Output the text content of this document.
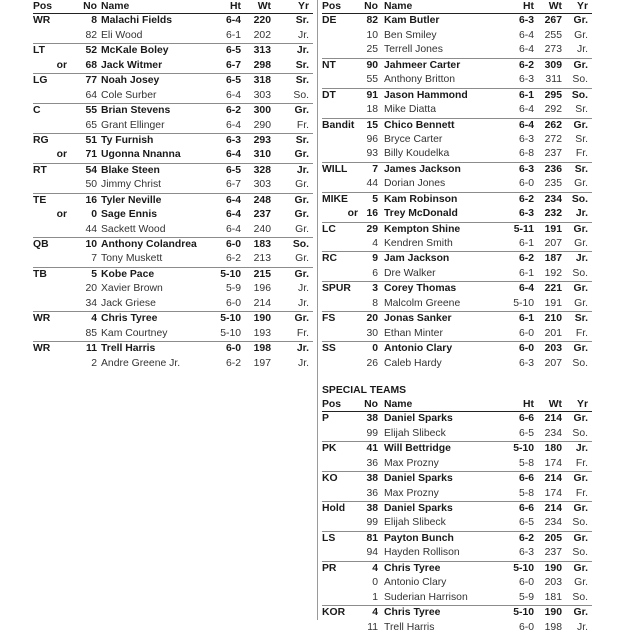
Pos	No Name	Ht	Wt	Yr
WR	8 Malachi Fields	6-4	220	Sr.
82 Eli Wood	6-1	202	Jr.
LT	52 McKale Boley	6-5	313	Jr.
or	68 Jack Witmer	6-7	298	Sr.
LG	77 Noah Josey	6-5	318	Sr.
64 Cole Surber	6-4	303	So.
C	55 Brian Stevens	6-2	300	Gr.
65 Grant Ellinger	6-4	290	Fr.
RG	51 Ty Furnish	6-3	293	Sr.
or	71 Ugonna Nnanna	6-4	310	Gr.
RT	54 Blake Steen	6-5	328	Jr.
50 Jimmy Christ	6-7	303	Gr.
TE	16 Tyler Neville	6-4	248	Gr.
or	0 Sage Ennis	6-4	237	Gr.
44 Sackett Wood	6-4	240	Gr.
QB	10 Anthony Colandrea	6-0	183	So.
7 Tony Muskett	6-2	213	Gr.
TB	5 Kobe Pace	5-10	215	Gr.
20 Xavier Brown	5-9	196	Jr.
34 Jack Griese	6-0	214	Jr.
WR	4 Chris Tyree	5-10	190	Gr.
85 Kam Courtney	5-10	193	Fr.
WR	11 Trell Harris	6-0	198	Jr.
2 Andre Greene Jr.	6-2	197	Jr.
Pos	No Name	Ht	Wt	Yr
DE	82 Kam Butler	6-3	267	Gr.
10 Ben Smiley	6-4	255	Gr.
25 Terrell Jones	6-4	273	Jr.
NT	90 Jahmeer Carter	6-2	309	Gr.
55 Anthony Britton	6-3	311 So.
DT	91 Jason Hammond	6-1	295 So.
18 Mike Diatta	6-4	292	Sr.
Bandit	15 Chico Bennett	6-4	262	Gr.
96 Bryce Carter	6-3	272	Sr.
93 Billy Koudelka	6-8	237	Fr.
WILL	7 James Jackson	6-3	236	Sr.
44 Dorian Jones	6-0	235	Gr.
MIKE	5 Kam Robinson	6-2	234 So.
or 16 Trey McDonald	6-3	232	Jr.
LC	29 Kempton Shine	5-11	191	Gr.
4 Kendren Smith	6-1	207	Gr.
RC	9 Jam Jackson	6-2	187	Jr.
6 Dre Walker	6-1	192 So.
SPUR	3 Corey Thomas	6-4	221	Gr.
8 Malcolm Greene	5-10	191	Gr.
FS	20 Jonas Sanker	6-1	210	Sr.
30 Ethan Minter	6-0	201	Fr.
SS	0 Antonio Clary	6-0	203	Gr.
26 Caleb Hardy	6-3	207 So.
SPECIAL TEAMS
Pos	No Name	Ht	Wt	Yr
P	38 Daniel Sparks	6-6	214	Gr.
99 Elijah Slibeck	6-5	234 So.
PK	41 Will Bettridge	5-10	180	Jr.
36 Max Prozny	5-8	174	Fr.
KO	38 Daniel Sparks	6-6	214	Gr.
36 Max Prozny	5-8	174	Fr.
Hold	38 Daniel Sparks	6-6	214	Gr.
99 Elijah Slibeck	6-5	234 So.
LS	81 Payton Bunch	6-2	205	Gr.
94 Hayden Rollison	6-3	237 So.
PR	4 Chris Tyree	5-10	190	Gr.
0 Antonio Clary	6-0	203	Gr.
1 Suderian Harrison	5-9	181 So.
KOR	4 Chris Tyree	5-10	190	Gr.
11 Trell Harris	6-0	198	Jr.
